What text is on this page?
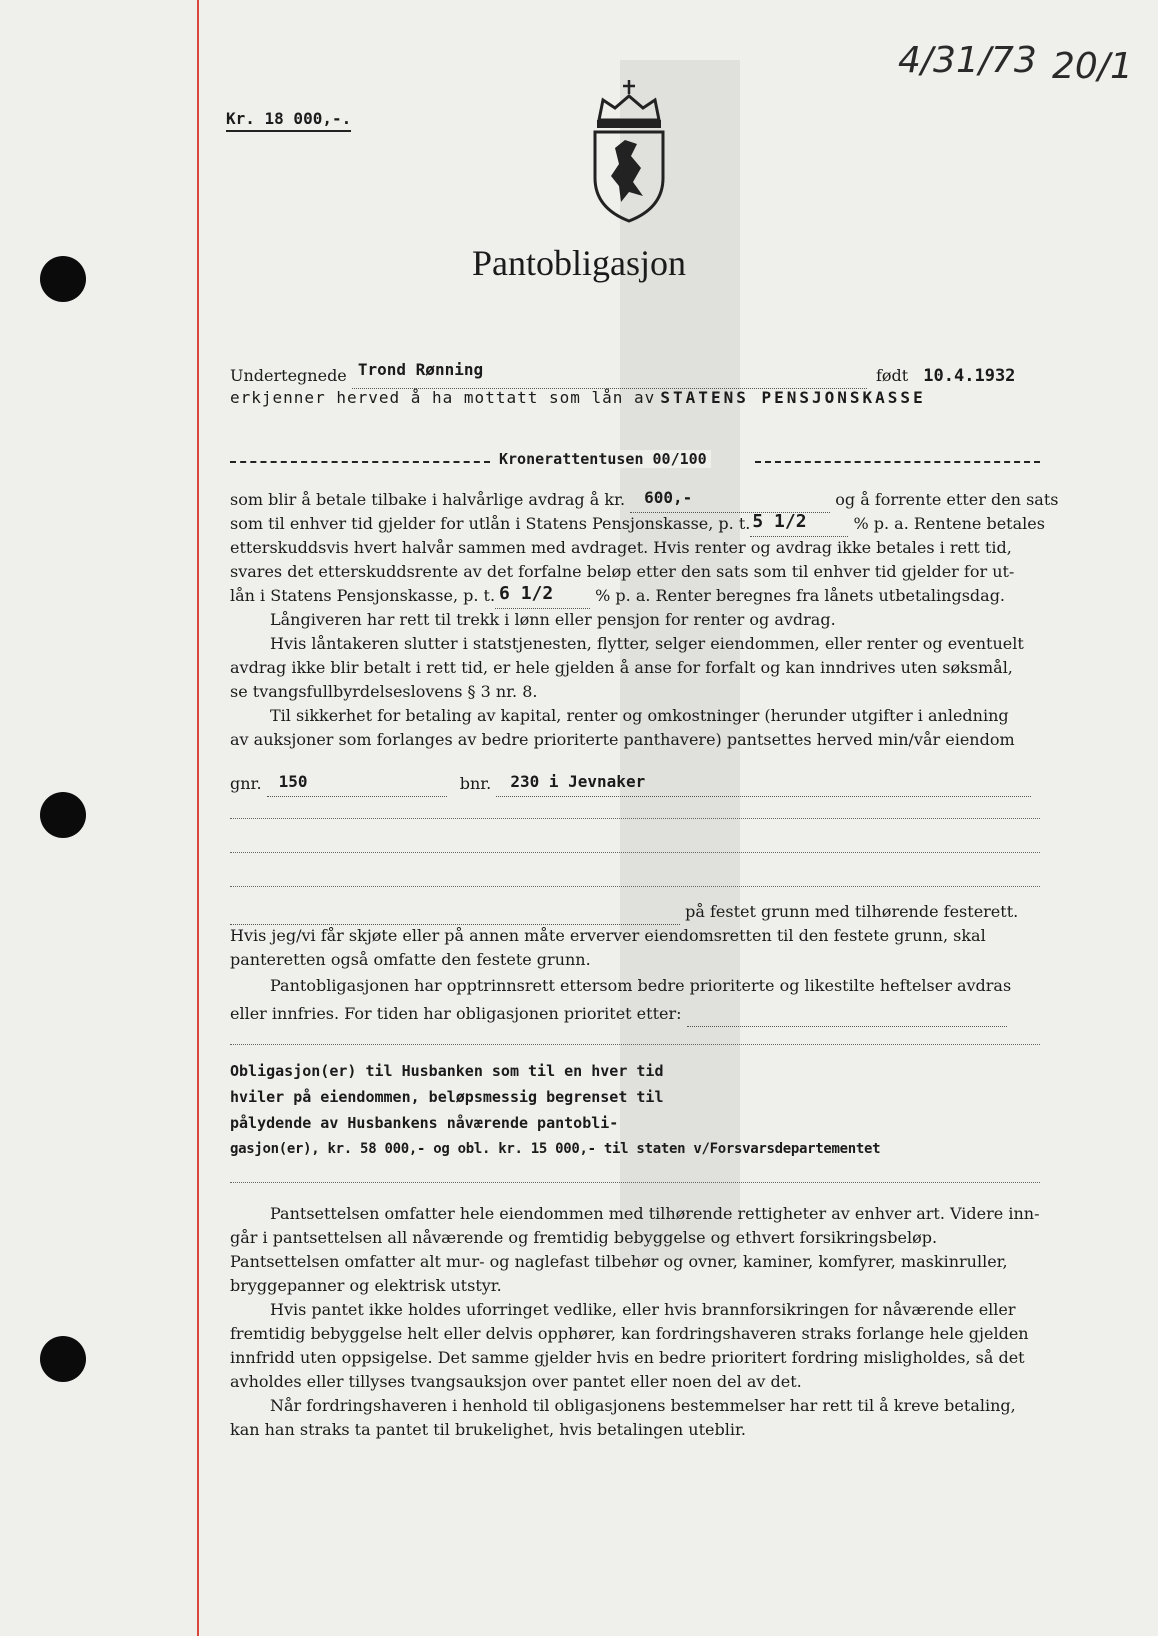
Kr. 18 000,-.
4/31/73 20/1
Pantobligasjon
Undertegnede Trond Rønning	født 10.4.1932
erkjenner herved å ha mottatt som lån av STATENS PENSJONSKASSE
Kronerattentusen 00/100
som blir å betale tilbake i halvårlige avdrag å kr. 600,-	og å forrente etter den sats
som til enhver tid gjelder for utlån i Statens Pensjonskasse, p. t. 5 1/2	% p. a. Rentene betales
etterskuddsvis hvert halvår sammen med avdraget. Hvis renter og avdrag ikke betales i rett tid,
svares det etterskuddsrente av det forfalne beløp etter den sats som til enhver tid gjelder for ut-
lån i Statens Pensjonskasse, p. t. 6 1/2	% p. a. Renter beregnes fra lånets utbetalingsdag.
Långiveren har rett til trekk i lønn eller pensjon for renter og avdrag.
Hvis låntakeren slutter i statstjenesten, flytter, selger eiendommen, eller renter og eventuelt
avdrag ikke blir betalt i rett tid, er hele gjelden å anse for forfalt og kan inndrives uten søksmål,
se tvangsfullbyrdelseslovens § 3 nr. 8.
Til sikkerhet for betaling av kapital, renter og omkostninger (herunder utgifter i anledning
av auksjoner som forlanges av bedre prioriterte panthavere) pantsettes herved min/vår eiendom
gnr. 150	bnr. 230 i Jevnaker

på festet grunn med tilhørende festerett.
Hvis jeg/vi får skjøte eller på annen måte erverver eiendomsretten til den festete grunn, skal
panteretten også omfatte den festete grunn.
Pantobligasjonen har opptrinnsrett ettersom bedre prioriterte og likestilte heftelser avdras
eller innfries. For tiden har obligasjonen prioritet etter:
Obligasjon(er) til Husbanken som til en hver tid
hviler på eiendommen, beløpsmessig begrenset til
pålydende av Husbankens nåværende pantobli-
gasjon(er), kr. 58 000,- og obl. kr. 15 000,- til staten v/Forsvarsdepartementet
Pantsettelsen omfatter hele eiendommen med tilhørende rettigheter av enhver art. Videre inn-
går i pantsettelsen all nåværende og fremtidig bebyggelse og ethvert forsikringsbeløp.
Pantsettelsen omfatter alt mur- og naglefast tilbehør og ovner, kaminer, komfyrer, maskinruller,
bryggepanner og elektrisk utstyr.
Hvis pantet ikke holdes uforringet vedlike, eller hvis brannforsikringen for nåværende eller
fremtidig bebyggelse helt eller delvis opphører, kan fordringshaveren straks forlange hele gjelden
innfridd uten oppsigelse. Det samme gjelder hvis en bedre prioritert fordring misligholdes, så det
avholdes eller tillyses tvangsauksjon over pantet eller noen del av det.
Når fordringshaveren i henhold til obligasjonens bestemmelser har rett til å kreve betaling,
kan han straks ta pantet til brukelighet, hvis betalingen uteblir.
